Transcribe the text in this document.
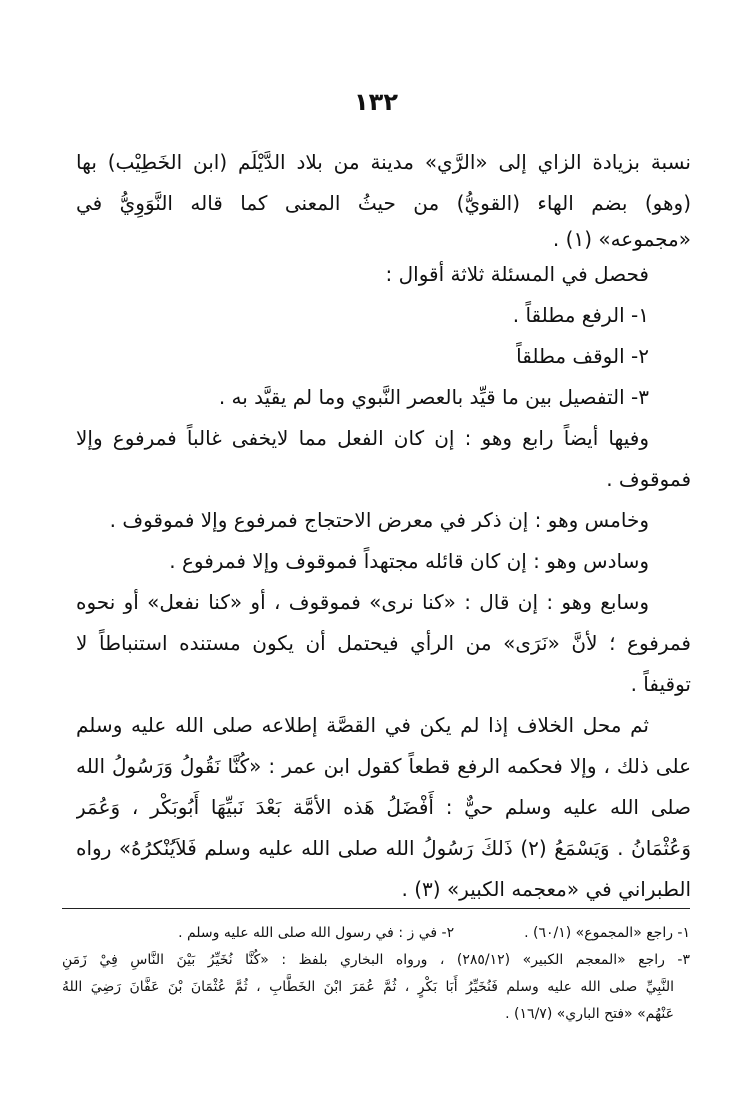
١٣٢
نسبة بزيادة الزاي إلى «الرَّي» مدينة من بلاد الدَّيْلَم (ابن الخَطِيْب) بها
(وهو) بضم الهاء (القويُّ) من حيثُ المعنى كما قاله النَّوَوِيُّ في
«مجموعه» (١) .
فحصل في المسئلة ثلاثة أقوال :
١- الرفع مطلقاً .
٢- الوقف مطلقاً
٣- التفصيل بين ما قيِّد بالعصر النَّبوي وما لم يقيَّد به .
وفيها أيضاً رابع وهو : إن كان الفعل مما لايخفى غالباً فمرفوع وإلا
فموقوف .
وخامس وهو : إن ذكر في معرض الاحتجاج فمرفوع وإلا فموقوف .
وسادس وهو : إن كان قائله مجتهداً فموقوف وإلا فمرفوع .
وسابع وهو : إن قال : «كنا نرى» فموقوف ، أو «كنا نفعل» أو نحوه
فمرفوع ؛ لأنَّ «نَرَى» من الرأي فيحتمل أن يكون مستنده استنباطاً لا
توقيفاً .
ثم محل الخلاف إذا لم يكن في القصَّة إطلاعه صلى الله عليه وسلم
على ذلك ، وإلا فحكمه الرفع قطعاً كقول ابن عمر : «كُنَّا نَقُولُ وَرَسُولُ الله
صلى الله عليه وسلم حيٌّ : أَفْضَلُ هَذه الأمَّة بَعْدَ نَبيِّهَا أَبُوبَكْر ، وَعُمَر
وَعُثْمَانُ . وَيَسْمَعُ (٢) ذَلكَ رَسُولُ الله صلى الله عليه وسلم فَلاَيُنْكرُهُ» رواه
الطبراني في «معجمه الكبير» (٣) .
١- راجع «المجموع» (٦٠/١) .
٢- في ز : في رسول الله صلى الله عليه وسلم .
٣- راجع «المعجم الكبير» (٢٨٥/١٢) ، ورواه البخاري بلفظ : «كُنَّا نُخَيِّرُ بَيْنَ النَّاسِ فِيْ زَمَنِ
النَّبِيِّ صلى الله عليه وسلم فَنُخَيِّرُ أَبَا بَكْرٍ ، ثُمَّ عُمَرَ ابْنَ الخَطَّابِ ، ثُمَّ عُثْمَانَ بْنَ عَفَّانَ رَضِيَ اللهُ
عَنْهُم» «فتح الباري» (١٦/٧) .
